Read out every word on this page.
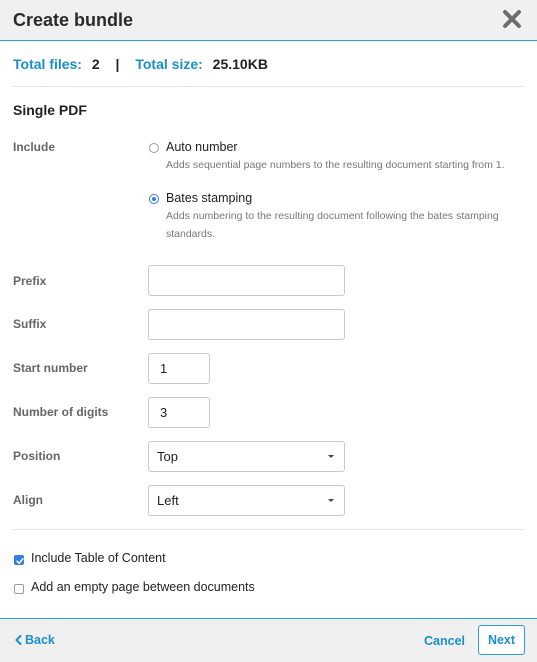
Create bundle
Total files: 2 | Total size: 25.10KB
Single PDF
Include	Auto number
Adds sequential page numbers to the resulting document starting from 1.
Bates stamping
Adds numbering to the resulting document following the bates stamping standards.
Prefix
Suffix
Start number	1
Number of digits	3
Position	Top
Align	Left
Include Table of Content
Add an empty page between documents
Back	Cancel	Next
